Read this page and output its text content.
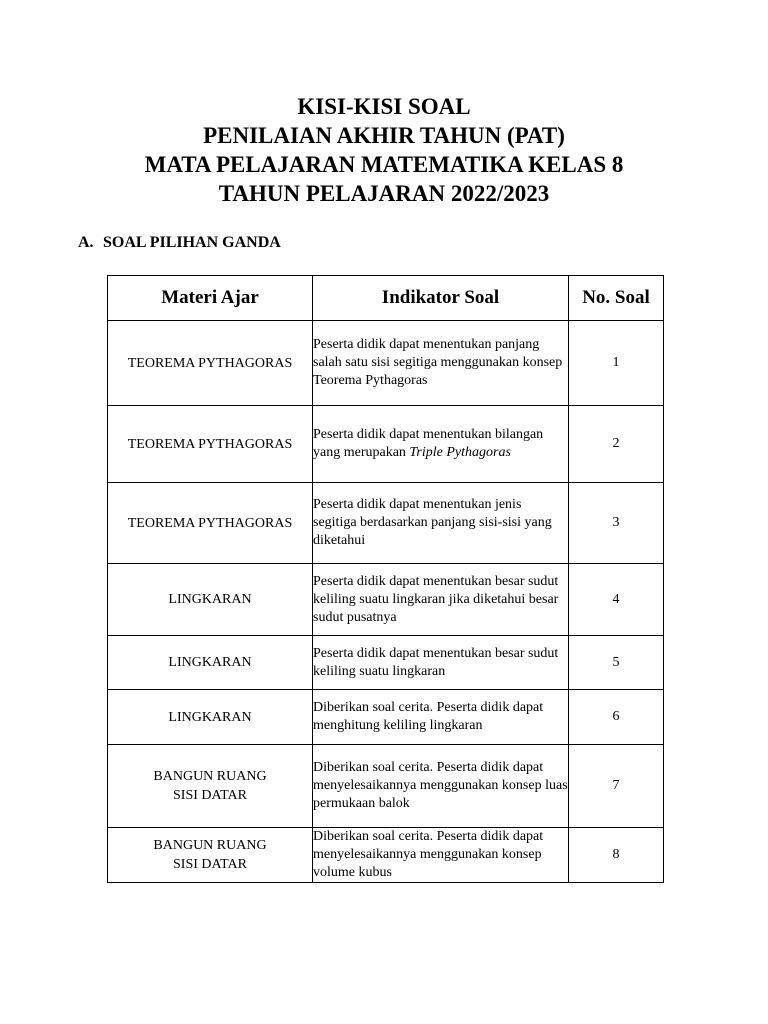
KISI-KISI SOAL
PENILAIAN AKHIR TAHUN (PAT)
MATA PELAJARAN MATEMATIKA KELAS 8
TAHUN PELAJARAN 2022/2023
A. SOAL PILIHAN GANDA
Materi Ajar	Indikator Soal	No. Soal

TEOREMA PYTHAGORAS	Peserta didik dapat menentukan panjang salah satu sisi segitiga menggunakan konsep Teorema Pythagoras	1

TEOREMA PYTHAGORAS	Peserta didik dapat menentukan bilangan yang merupakan Triple Pythagoras	2

TEOREMA PYTHAGORAS	Peserta didik dapat menentukan jenis segitiga berdasarkan panjang sisi-sisi yang diketahui	3

LINGKARAN	Peserta didik dapat menentukan besar sudut keliling suatu lingkaran jika diketahui besar sudut pusatnya	4

LINGKARAN	Peserta didik dapat menentukan besar sudut keliling suatu lingkaran	5

LINGKARAN	Diberikan soal cerita. Peserta didik dapat menghitung keliling lingkaran	6

BANGUN RUANG
SISI DATAR	Diberikan soal cerita. Peserta didik dapat menyelesaikannya menggunakan konsep luas permukaan balok	7

BANGUN RUANG
SISI DATAR	Diberikan soal cerita. Peserta didik dapat menyelesaikannya menggunakan konsep volume kubus	8
